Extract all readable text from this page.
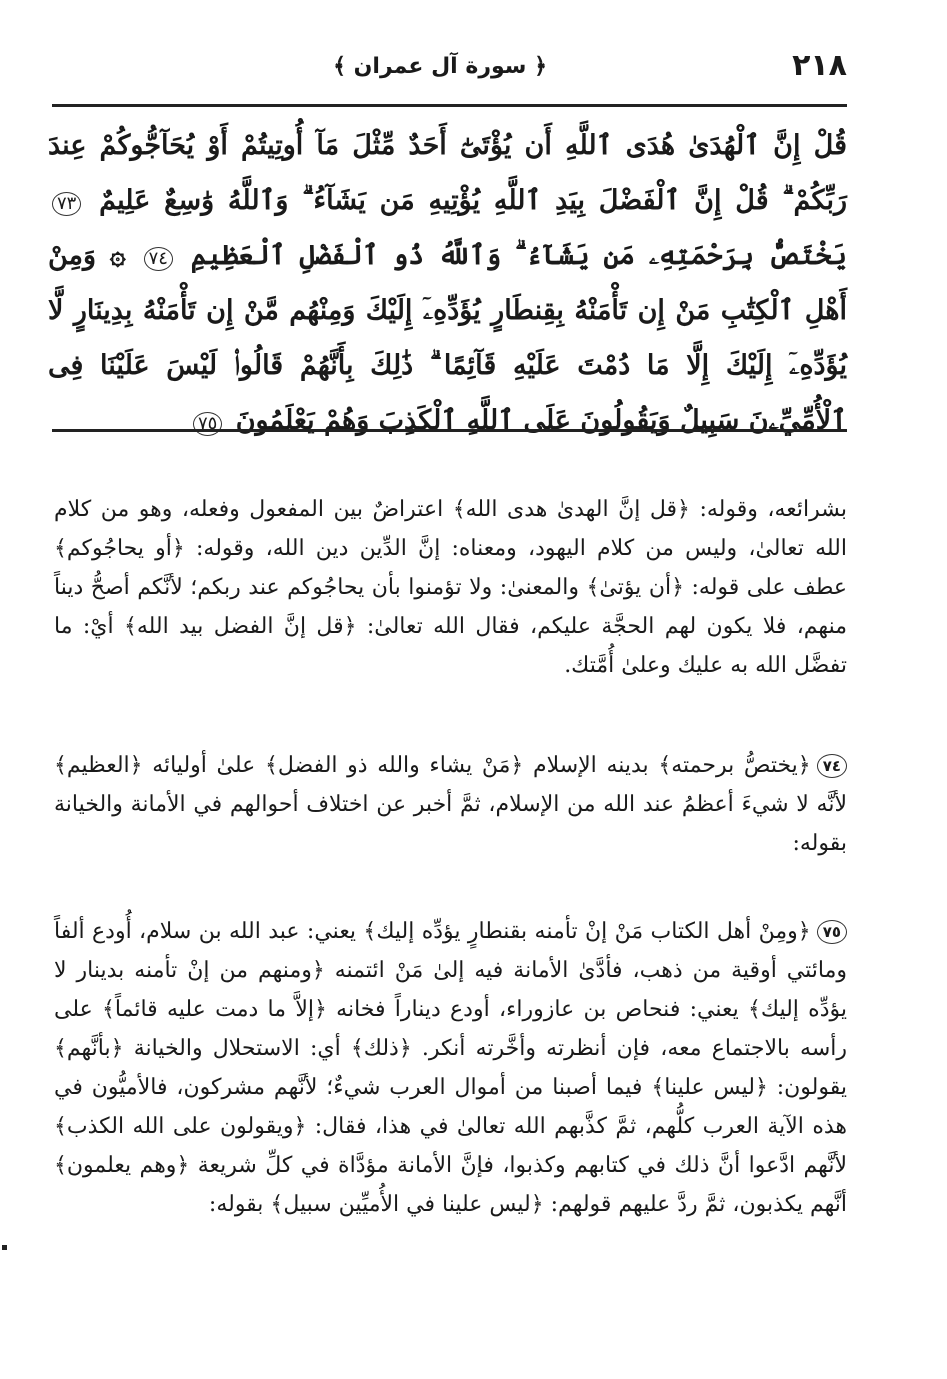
٢١٨
﴿ سورة آل عمران ﴾
قُلْ إِنَّ ٱلْهُدَىٰ هُدَى ٱللَّهِ أَن يُؤْتَىٰٓ أَحَدٌ مِّثْلَ مَآ أُوتِيتُمْ أَوْ يُحَآجُّوكُمْ عِندَ رَبِّكُمْ ۗ قُلْ إِنَّ ٱلْفَضْلَ بِيَدِ ٱللَّهِ يُؤْتِيهِ مَن يَشَآءُ ۗ وَٱللَّهُ وَٰسِعٌ عَلِيمٌ ٧٣ يَخْتَصُّ بِرَحْمَتِهِۦ مَن يَشَآءُ ۗ وَٱللَّهُ ذُو ٱلْفَضْلِ ٱلْعَظِيمِ ٧٤ ۞ وَمِنْ أَهْلِ ٱلْكِتَٰبِ مَنْ إِن تَأْمَنْهُ بِقِنطَارٍ يُؤَدِّهِۦٓ إِلَيْكَ وَمِنْهُم مَّنْ إِن تَأْمَنْهُ بِدِينَارٍ لَّا يُؤَدِّهِۦٓ إِلَيْكَ إِلَّا مَا دُمْتَ عَلَيْهِ قَآئِمًا ۗ ذَٰلِكَ بِأَنَّهُمْ قَالُوا۟ لَيْسَ عَلَيْنَا فِى ٱلْأُمِّيِّۦنَ سَبِيلٌ وَيَقُولُونَ عَلَى ٱللَّهِ ٱلْكَذِبَ وَهُمْ يَعْلَمُونَ ٧٥
بشرائعه، وقوله: ﴿قل إنَّ الهدىٰ هدى الله﴾ اعتراضٌ بين المفعول وفعله، وهو من كلام الله تعالىٰ، وليس من كلام اليهود، ومعناه: إنَّ الدِّين دين الله، وقوله: ﴿أو يحاجُوكم﴾ عطف على قوله: ﴿أن يؤتىٰ﴾ والمعنىٰ: ولا تؤمنوا بأن يحاجُوكم عند ربكم؛ لأنَّكم أصحُّ ديناً منهم، فلا يكون لهم الحجَّة عليكم، فقال الله تعالىٰ: ﴿قل إنَّ الفضل بيد الله﴾ أيْ: ما تفضَّل الله به عليك وعلىٰ أُمَّتك.
٧٤﴿يختصُّ برحمته﴾ بدينه الإسلام ﴿مَنْ يشاء والله ذو الفضل﴾ علىٰ أوليائه ﴿العظيم﴾ لأنَّه لا شيءَ أعظمُ عند الله من الإسلام، ثمَّ أخبر عن اختلاف أحوالهم في الأمانة والخيانة بقوله:
٧٥﴿ومِنْ أهل الكتاب مَنْ إنْ تأمنه بقنطارٍ يؤدِّه إليك﴾ يعني: عبد الله بن سلام، أُودع ألفاً ومائتي أوقية من ذهب، فأدَّىٰ الأمانة فيه إلىٰ مَنْ ائتمنه ﴿ومنهم من إنْ تأمنه بدينار لا يؤدِّه إليك﴾ يعني: فنحاص بن عازوراء، أودع ديناراً فخانه ﴿إلاَّ ما دمت عليه قائماً﴾ على رأسه بالاجتماع معه، فإن أنظرته وأخَّرته أنكر. ﴿ذلك﴾ أي: الاستحلال والخيانة ﴿بأنَّهم﴾ يقولون: ﴿ليس علينا﴾ فيما أصبنا من أموال العرب شيءٌ؛ لأنَّهم مشركون، فالأميُّون في هذه الآية العرب كلُّهم، ثمَّ كذَّبهم الله تعالىٰ في هذا، فقال: ﴿ويقولون على الله الكذب﴾ لأنَّهم ادَّعوا أنَّ ذلك في كتابهم وكذبوا، فإنَّ الأمانة مؤدَّاة في كلِّ شريعة ﴿وهم يعلمون﴾ أنَّهم يكذبون، ثمَّ ردَّ عليهم قولهم: ﴿ليس علينا في الأُميِّين سبيل﴾ بقوله:
